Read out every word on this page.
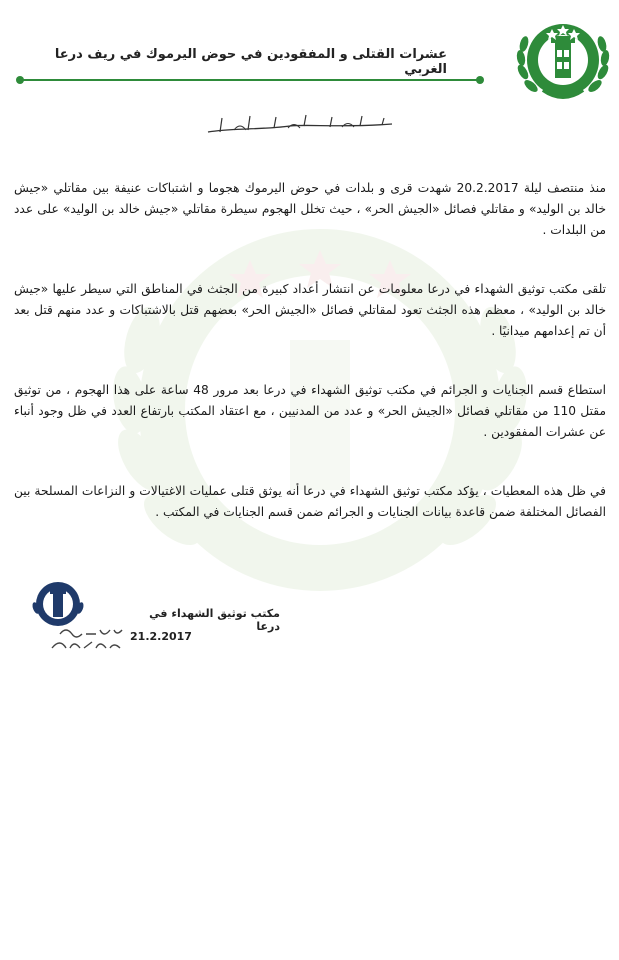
عشرات القتلى و المفقودين في حوض اليرموك في ريف درعا الغربي

منذ منتصف ليلة 20.2.2017 شهدت قرى و بلدات في حوض اليرموك هجوما و اشتباكات عنيفة بين مقاتلي «جيش خالد بن الوليد» و مقاتلي فصائل «الجيش الحر» ، حيث تخلل الهجوم سيطرة مقاتلي «جيش خالد بن الوليد» على عدد من البلدات .

تلقى مكتب توثيق الشهداء في درعا معلومات عن انتشار أعداد كبيرة من الجثث في المناطق التي سيطر عليها «جيش خالد بن الوليد» ، معظم هذه الجثث تعود لمقاتلي فصائل «الجيش الحر» بعضهم قتل بالاشتباكات و عدد منهم قتل بعد أن تم إعدامهم ميدانيًا .

استطاع قسم الجنايات و الجرائم في مكتب توثيق الشهداء في درعا بعد مرور 48 ساعة على هذا الهجوم ، من توثيق مقتل 110 من مقاتلي فصائل «الجيش الحر» و عدد من المدنيين ، مع اعتقاد المكتب بارتفاع العدد في ظل وجود أنباء عن عشرات المفقودين .

في ظل هذه المعطيات ، يؤكد مكتب توثيق الشهداء في درعا أنه يوثق قتلى عمليات الاغتيالات و النزاعات المسلحة بين الفصائل المختلفة ضمن قاعدة بيانات الجنايات و الجرائم ضمن قسم الجنايات في المكتب .

مكتب توثيق الشهداء في درعا
21.2.2017
